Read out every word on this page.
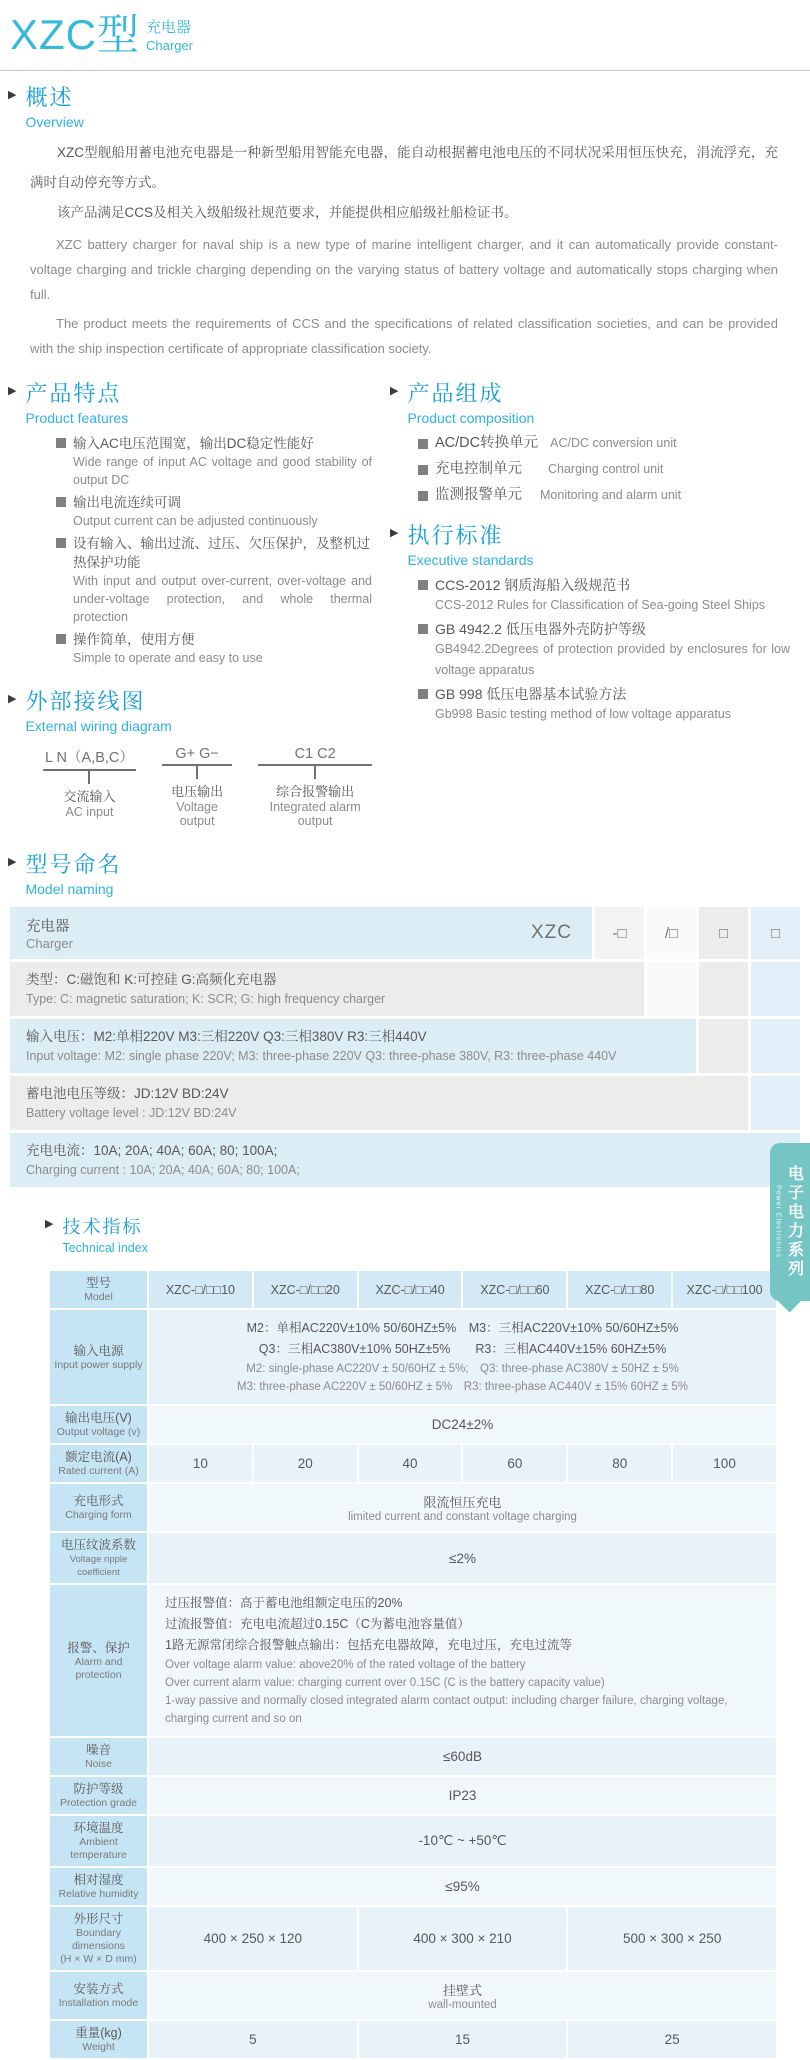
XZC型 充电器
Charger
▶ 概述
Overview

XZC型舰船用蓄电池充电器是一种新型船用智能充电器，能自动根据蓄电池电压的不同状况采用恒压快充，涓流浮充，充满时自动停充等方式。

该产品满足CCS及相关入级船级社规范要求，并能提供相应船级社船检证书。

XZC battery charger for naval ship is a new type of marine intelligent charger, and it can automatically provide constant-voltage charging and trickle charging depending on the varying status of battery voltage and automatically stops charging when full.

The product meets the requirements of CCS and the specifications of related classification societies, and can be provided with the ship inspection certificate of appropriate classification society.

▶ 产品特点
Product features
输入AC电压范围宽，输出DC稳定性能好
Wide range of input AC voltage and good stability of output DC
输出电流连续可调
Output current can be adjusted continuously
设有输入、输出过流、过压、欠压保护，及整机过热保护功能
With input and output over-current, over-voltage and under-voltage protection, and whole thermal protection
操作简单，使用方便
Simple to operate and easy to use
▶ 外部接线图
External wiring diagram
L N（A,B,C）
交流输入
AC input
G+ G−
电压输出
Voltage output
C1 C2
综合报警输出
Integrated alarm output
▶ 产品组成
Product composition
AC/DC转换单元 AC/DC conversion unit
充电控制单元 Charging control unit
监测报警单元 Monitoring and alarm unit
▶ 执行标准
Executive standards
CCS-2012 钢质海船入级规范书
CCS-2012 Rules for Classification of Sea-going Steel Ships
GB 4942.2 低压电器外壳防护等级
GB4942.2Degrees of protection provided by enclosures for low voltage apparatus
GB 998 低压电器基本试验方法
Gb998 Basic testing method of low voltage apparatus
▶ 型号命名
Model naming
充电器
Charger
XZC	-□	/□	□	□
类型：C:磁饱和 K:可控硅 G:高频化充电器
Type: C: magnetic saturation; K: SCR; G: high frequency charger
输入电压：M2:单相220V M3:三相220V Q3:三相380V R3:三相440V
Input voltage: M2: single phase 220V; M3: three-phase 220V Q3: three-phase 380V, R3: three-phase 440V
蓄电池电压等级：JD:12V BD:24V
Battery voltage level : JD:12V BD:24V
充电电流：10A; 20A; 40A; 60A; 80; 100A;
Charging current : 10A; 20A; 40A; 60A; 80; 100A;
▶ 技术指标
Technical index
型号
Model	XZC-□/□□10	XZC-□/□□20	XZC-□/□□40	XZC-□/□□60	XZC-□/□□80	XZC-□/□□100

输入电源
Input power supply

M2：单相AC220V±10% 50/60HZ±5%　M3：三相AC220V±10% 50/60HZ±5%
Q3：三相AC380V±10% 50HZ±5%　　R3：三相AC440V±15% 60HZ±5%
M2: single-phase AC220V ± 50/60HZ ± 5%;　Q3: three-phase AC380V ± 50HZ ± 5%
M3: three-phase AC220V ± 50/60HZ ± 5%　R3: three-phase AC440V ± 15% 60HZ ± 5%

输出电压(V)
Output voltage (v)	DC24±2%					

额定电流(A)
Rated current (A)	10	20	40	60	80	100

充电形式
Charging form

限流恒压充电
limited current and constant voltage charging

电压纹波系数
Voltage ripple coefficient	≤2%					

报警、保护
Alarm and protection

过压报警值：高于蓄电池组额定电压的20%
过流报警值：充电电流超过0.15C（C为蓄电池容量值）
1路无源常闭综合报警触点输出：包括充电器故障，充电过压，充电过流等
Over voltage alarm value: above20% of the rated voltage of the battery
Over current alarm value: charging current over 0.15C (C is the battery capacity value)
1-way passive and normally closed integrated alarm contact output: including charger failure, charging voltage, charging current and so on

噪音
Noise	≤60dB					

防护等级
Protection grade	IP23					

环境温度
Ambient temperature	-10℃ ~ +50℃					

相对湿度
Relative humidity	≤95%					

外形尺寸
Boundary dimensions
(H × W × D mm)	400 × 250 × 120		400 × 300 × 210		500 × 300 × 250	

安装方式
Installation mode

挂壁式
wall-mounted

重量(kg)
Weight	5		15		25	
Power Electronics 电子电力系列
